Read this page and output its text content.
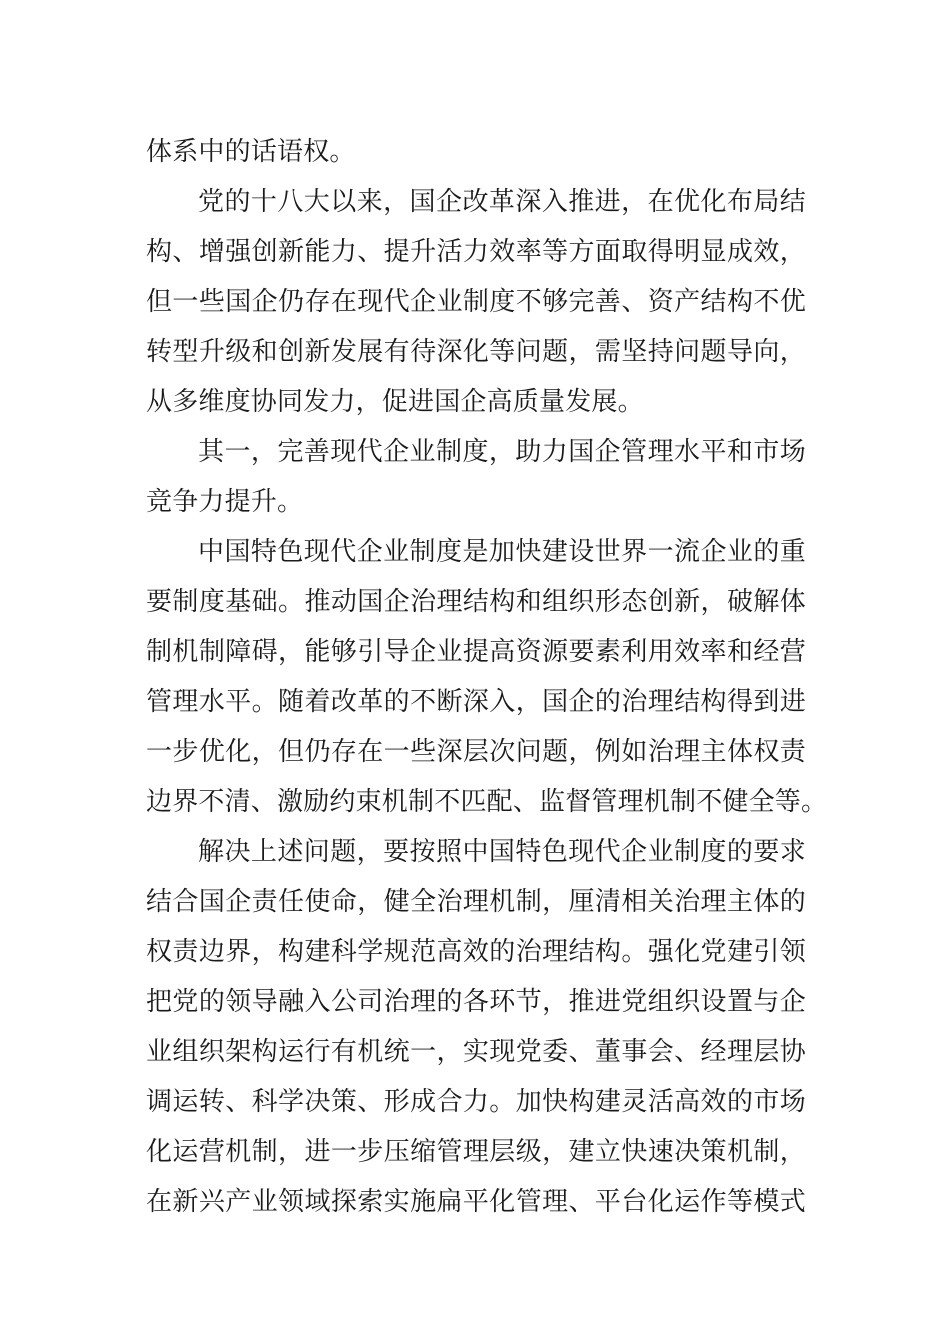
体系中的话语权。
党的十八大以来，国企改革深入推进，在优化布局结
构、增强创新能力、提升活力效率等方面取得明显成效，
但一些国企仍存在现代企业制度不够完善、资产结构不优
转型升级和创新发展有待深化等问题，需坚持问题导向，
从多维度协同发力，促进国企高质量发展。
其一，完善现代企业制度，助力国企管理水平和市场
竞争力提升。
中国特色现代企业制度是加快建设世界一流企业的重
要制度基础。推动国企治理结构和组织形态创新，破解体
制机制障碍，能够引导企业提高资源要素利用效率和经营
管理水平。随着改革的不断深入，国企的治理结构得到进
一步优化，但仍存在一些深层次问题，例如治理主体权责
边界不清、激励约束机制不匹配、监督管理机制不健全等。
解决上述问题，要按照中国特色现代企业制度的要求
结合国企责任使命，健全治理机制，厘清相关治理主体的
权责边界，构建科学规范高效的治理结构。强化党建引领
把党的领导融入公司治理的各环节，推进党组织设置与企
业组织架构运行有机统一，实现党委、董事会、经理层协
调运转、科学决策、形成合力。加快构建灵活高效的市场
化运营机制，进一步压缩管理层级，建立快速决策机制，
在新兴产业领域探索实施扁平化管理、平台化运作等模式
